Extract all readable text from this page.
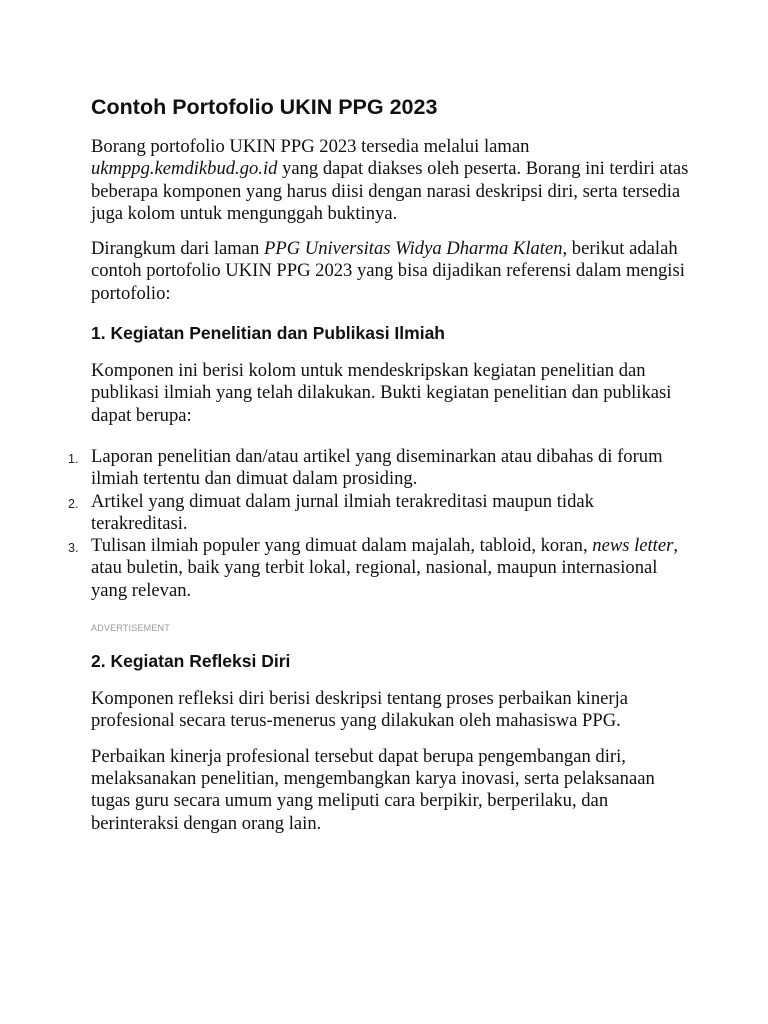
Contoh Portofolio UKIN PPG 2023

Borang portofolio UKIN PPG 2023 tersedia melalui laman ukmppg.kemdikbud.go.id yang dapat diakses oleh peserta. Borang ini terdiri atas beberapa komponen yang harus diisi dengan narasi deskripsi diri, serta tersedia juga kolom untuk mengunggah buktinya.

Dirangkum dari laman PPG Universitas Widya Dharma Klaten, berikut adalah contoh portofolio UKIN PPG 2023 yang bisa dijadikan referensi dalam mengisi portofolio:

1. Kegiatan Penelitian dan Publikasi Ilmiah

Komponen ini berisi kolom untuk mendeskripskan kegiatan penelitian dan publikasi ilmiah yang telah dilakukan. Bukti kegiatan penelitian dan publikasi dapat berupa:

1. Laporan penelitian dan/atau artikel yang diseminarkan atau dibahas di forum ilmiah tertentu dan dimuat dalam prosiding.
2. Artikel yang dimuat dalam jurnal ilmiah terakreditasi maupun tidak terakreditasi.
3. Tulisan ilmiah populer yang dimuat dalam majalah, tabloid, koran, news letter, atau buletin, baik yang terbit lokal, regional, nasional, maupun internasional yang relevan.
ADVERTISEMENT
2. Kegiatan Refleksi Diri

Komponen refleksi diri berisi deskripsi tentang proses perbaikan kinerja profesional secara terus-menerus yang dilakukan oleh mahasiswa PPG.

Perbaikan kinerja profesional tersebut dapat berupa pengembangan diri, melaksanakan penelitian, mengembangkan karya inovasi, serta pelaksanaan tugas guru secara umum yang meliputi cara berpikir, berperilaku, dan berinteraksi dengan orang lain.
